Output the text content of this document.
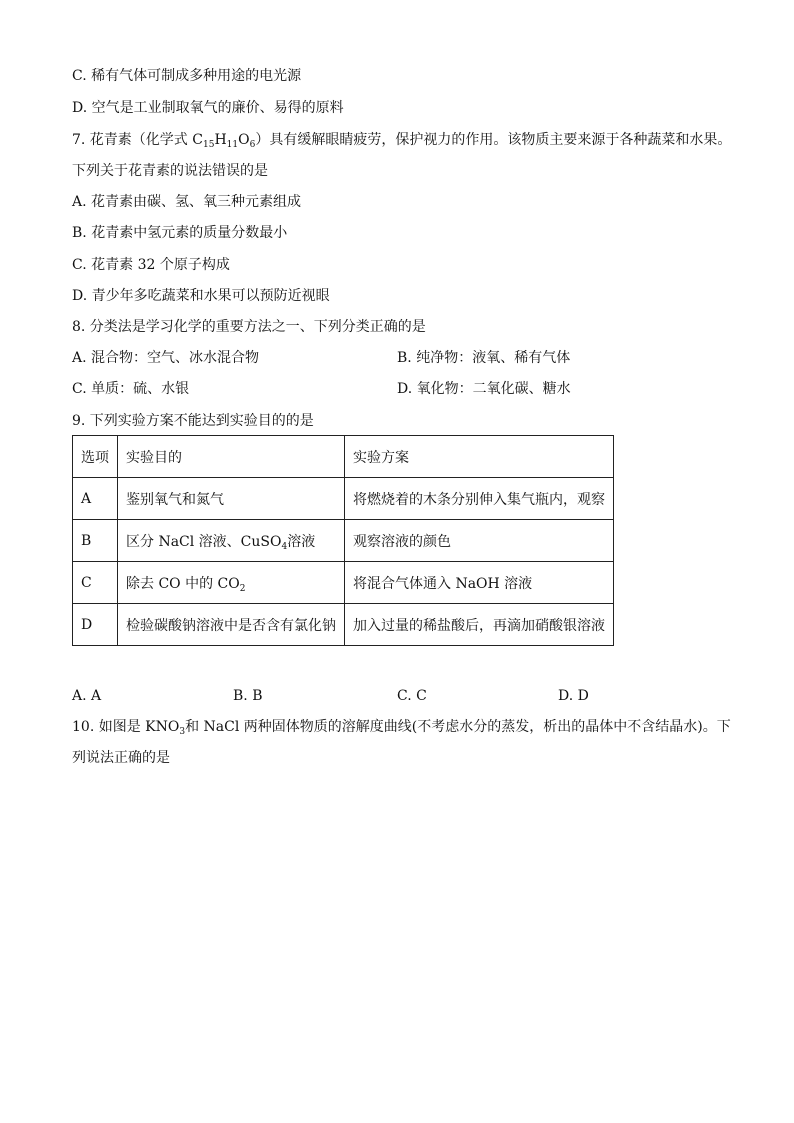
C. 稀有气体可制成多种用途的电光源
D. 空气是工业制取氧气的廉价、易得的原料
7. 花青素（化学式 $C_{15}H_{11}O_6$）具有缓解眼睛疲劳，保护视力的作用。该物质主要来源于各种蔬菜和水果。
下列关于花青素的说法错误的是
A. 花青素由碳、氢、氧三种元素组成
B. 花青素中氢元素的质量分数最小
C. 花青素 32 个原子构成
D. 青少年多吃蔬菜和水果可以预防近视眼
8. 分类法是学习化学的重要方法之一、下列分类正确的是
A. 混合物：空气、冰水混合物	B. 纯净物：液氧、稀有气体
C. 单质：硫、水银	D. 氧化物：二氧化碳、糖水
9. 下列实验方案不能达到实验目的的是
选项	实验目的	实验方案
A	鉴别氧气和氮气	将燃烧着的木条分别伸入集气瓶内，观察
B	区分 NaCl 溶液、CuSO$_4$溶液	观察溶液的颜色
C	除去 CO 中的 $CO_2$	将混合气体通入 NaOH 溶液
D	检验碳酸钠溶液中是否含有氯化钠	加入过量的稀盐酸后，再滴加硝酸银溶液
A. A	B. B	C. C	D. D
10. 如图是 $KNO_3$和 NaCl 两种固体物质的溶解度曲线(不考虑水分的蒸发，析出的晶体中不含结晶水)。下
列说法正确的是
